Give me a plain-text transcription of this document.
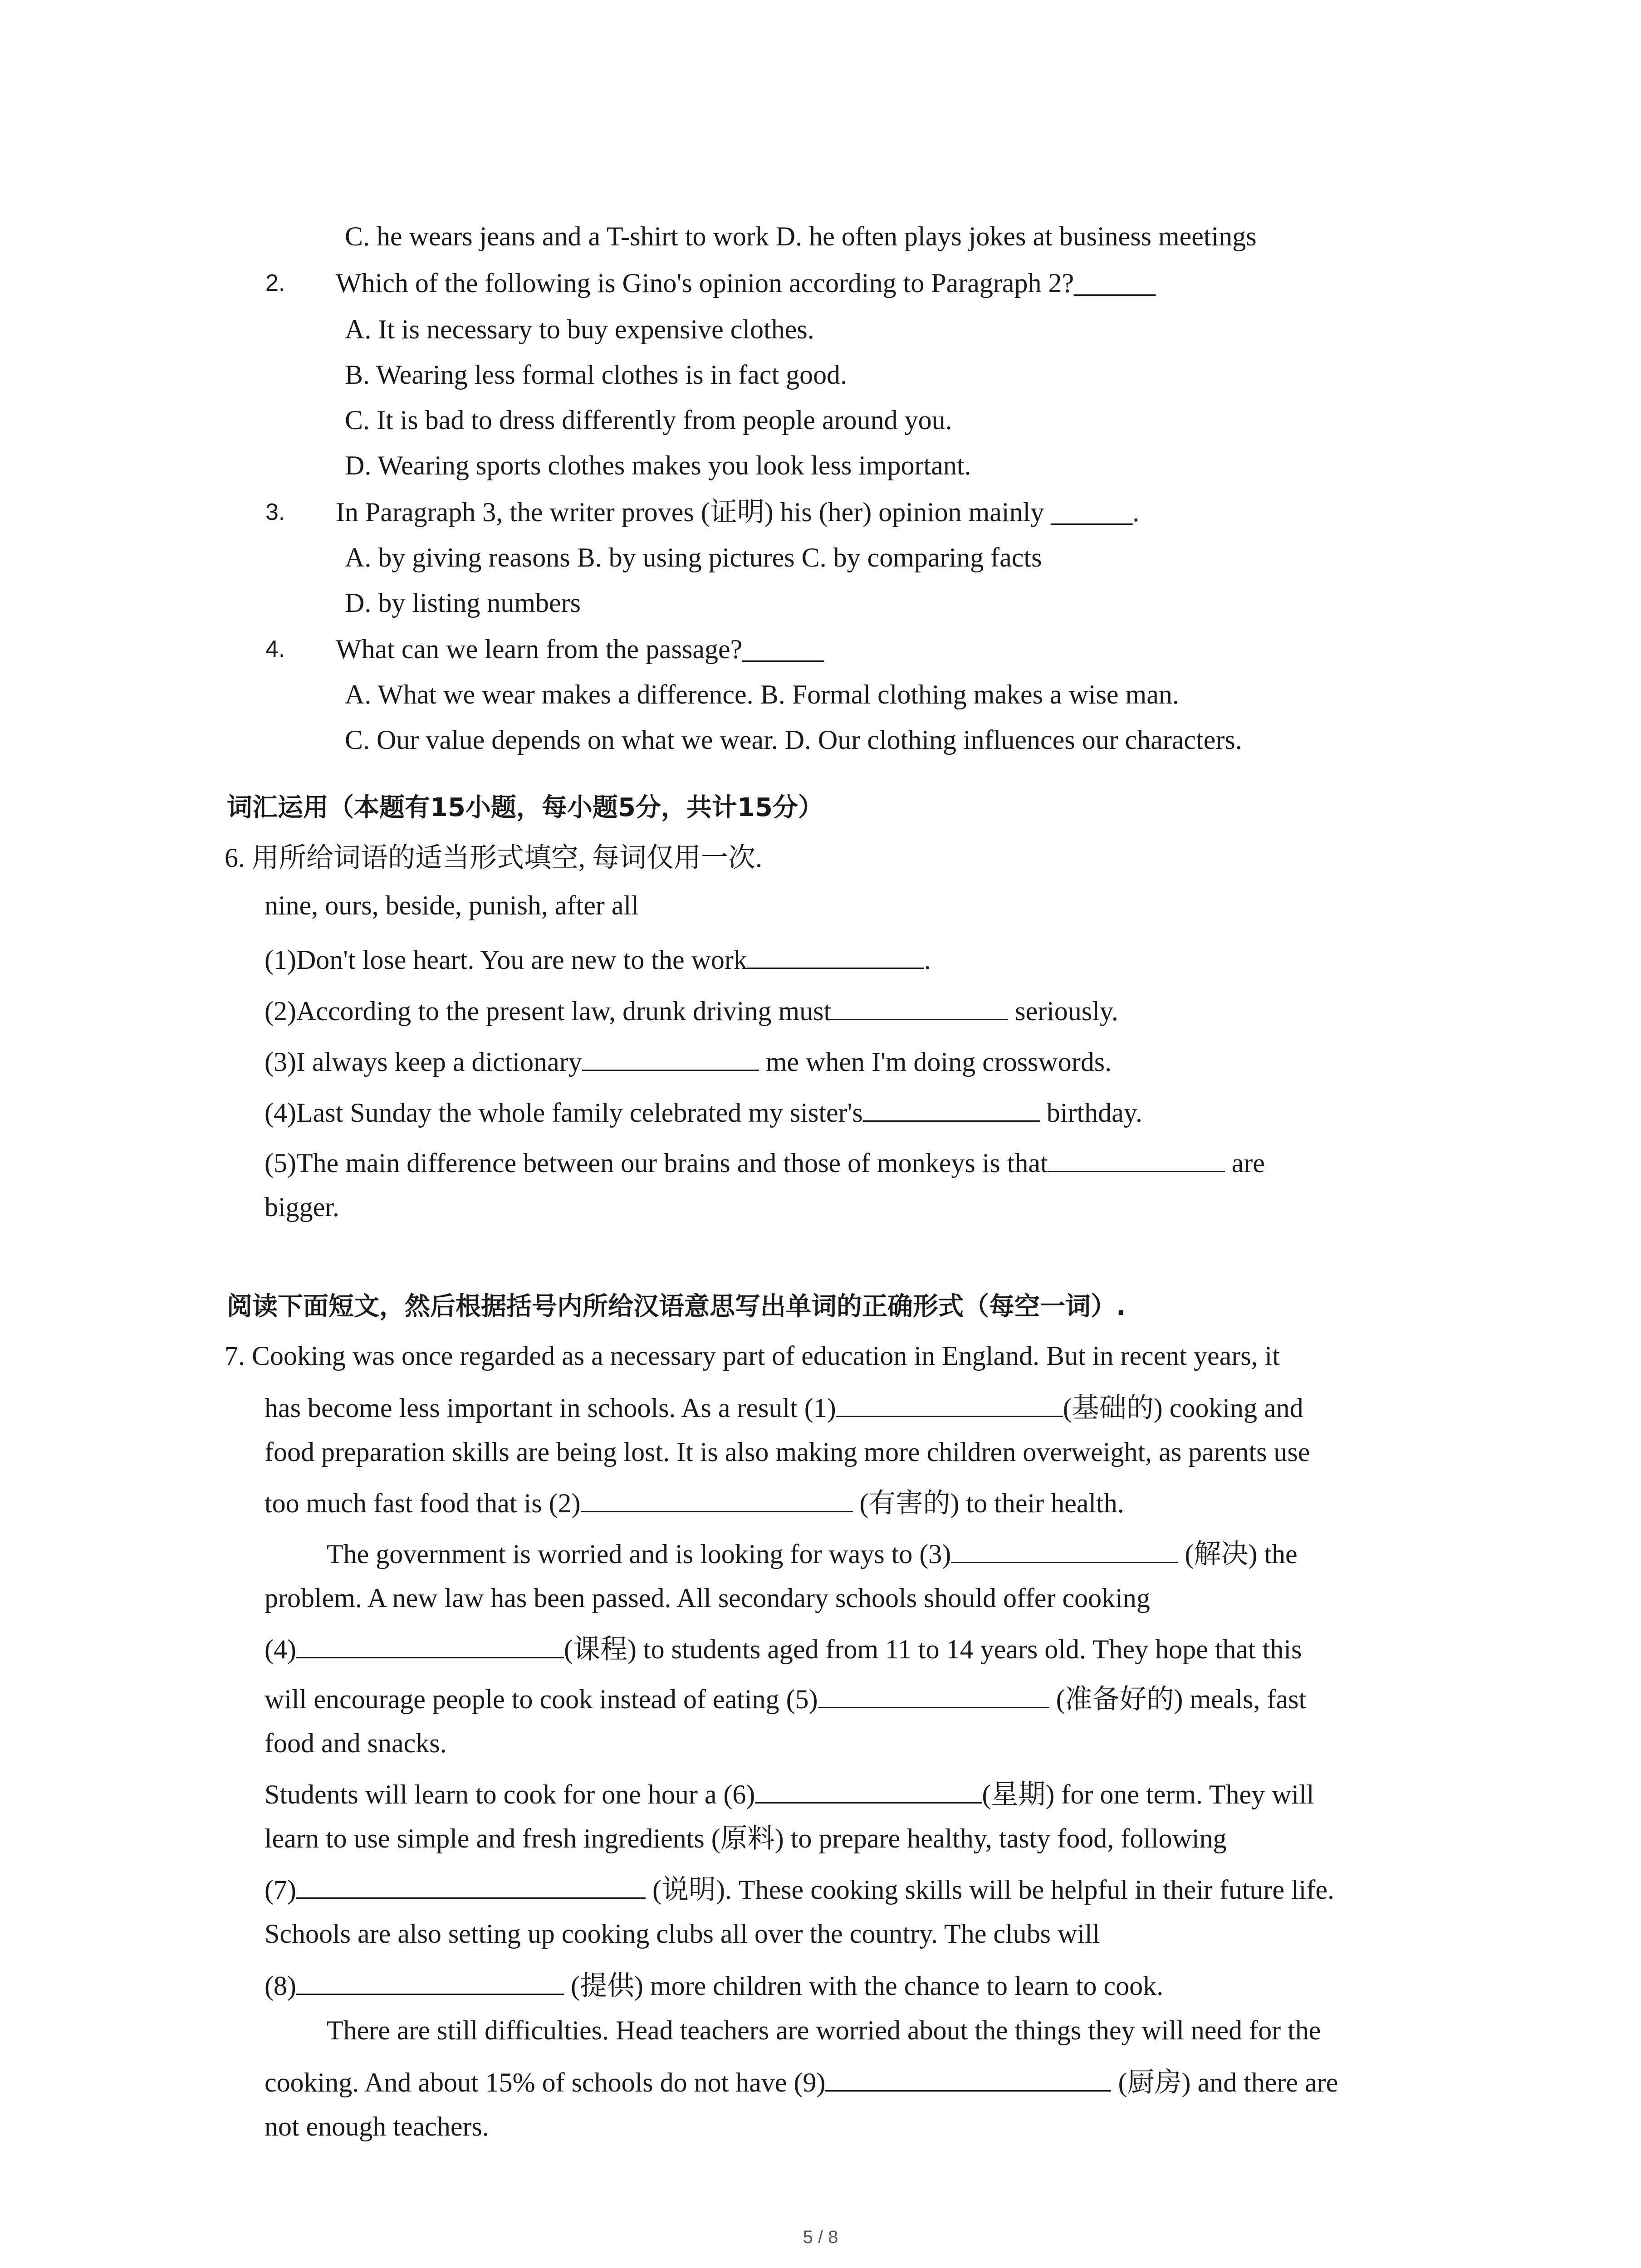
C. he wears jeans and a T-shirt to work D. he often plays jokes at business meetings
2. Which of the following is Gino's opinion according to Paragraph 2?______
A. It is necessary to buy expensive clothes.
B. Wearing less formal clothes is in fact good.
C. It is bad to dress differently from people around you.
D. Wearing sports clothes makes you look less important.
3. In Paragraph 3, the writer proves (证明) his (her) opinion mainly ______.
A. by giving reasons B. by using pictures C. by comparing facts
D. by listing numbers
4. What can we learn from the passage?______
A. What we wear makes a difference. B. Formal clothing makes a wise man.
C. Our value depends on what we wear. D. Our clothing influences our characters.
词汇运用（本题有15小题，每小题5分，共计15分）
6. 用所给词语的适当形式填空, 每词仅用一次.
nine, ours, beside, punish, after all
(1)Don't lose heart. You are new to the work	.
(2)According to the present law, drunk driving must	seriously.
(3)I always keep a dictionary	me when I'm doing crosswords.
(4)Last Sunday the whole family celebrated my sister's	birthday.
(5)The main difference between our brains and those of monkeys is that	are
bigger.
阅读下面短文，然后根据括号内所给汉语意思写出单词的正确形式（每空一词）.
7. Cooking was once regarded as a necessary part of education in England. But in recent years, it
has become less important in schools. As a result (1)	(基础的) cooking and
food preparation skills are being lost. It is also making more children overweight, as parents use
too much fast food that is (2)	(有害的) to their health.
The government is worried and is looking for ways to (3)	(解决) the
problem. A new law has been passed. All secondary schools should offer cooking
(4)	(课程) to students aged from 11 to 14 years old. They hope that this
will encourage people to cook instead of eating (5)	(准备好的) meals, fast
food and snacks.
Students will learn to cook for one hour a (6)	(星期) for one term. They will
learn to use simple and fresh ingredients (原料) to prepare healthy, tasty food, following
(7)	(说明). These cooking skills will be helpful in their future life.
Schools are also setting up cooking clubs all over the country. The clubs will
(8)	(提供) more children with the chance to learn to cook.
There are still difficulties. Head teachers are worried about the things they will need for the
cooking. And about 15% of schools do not have (9)	(厨房) and there are
not enough teachers.
5 / 8
